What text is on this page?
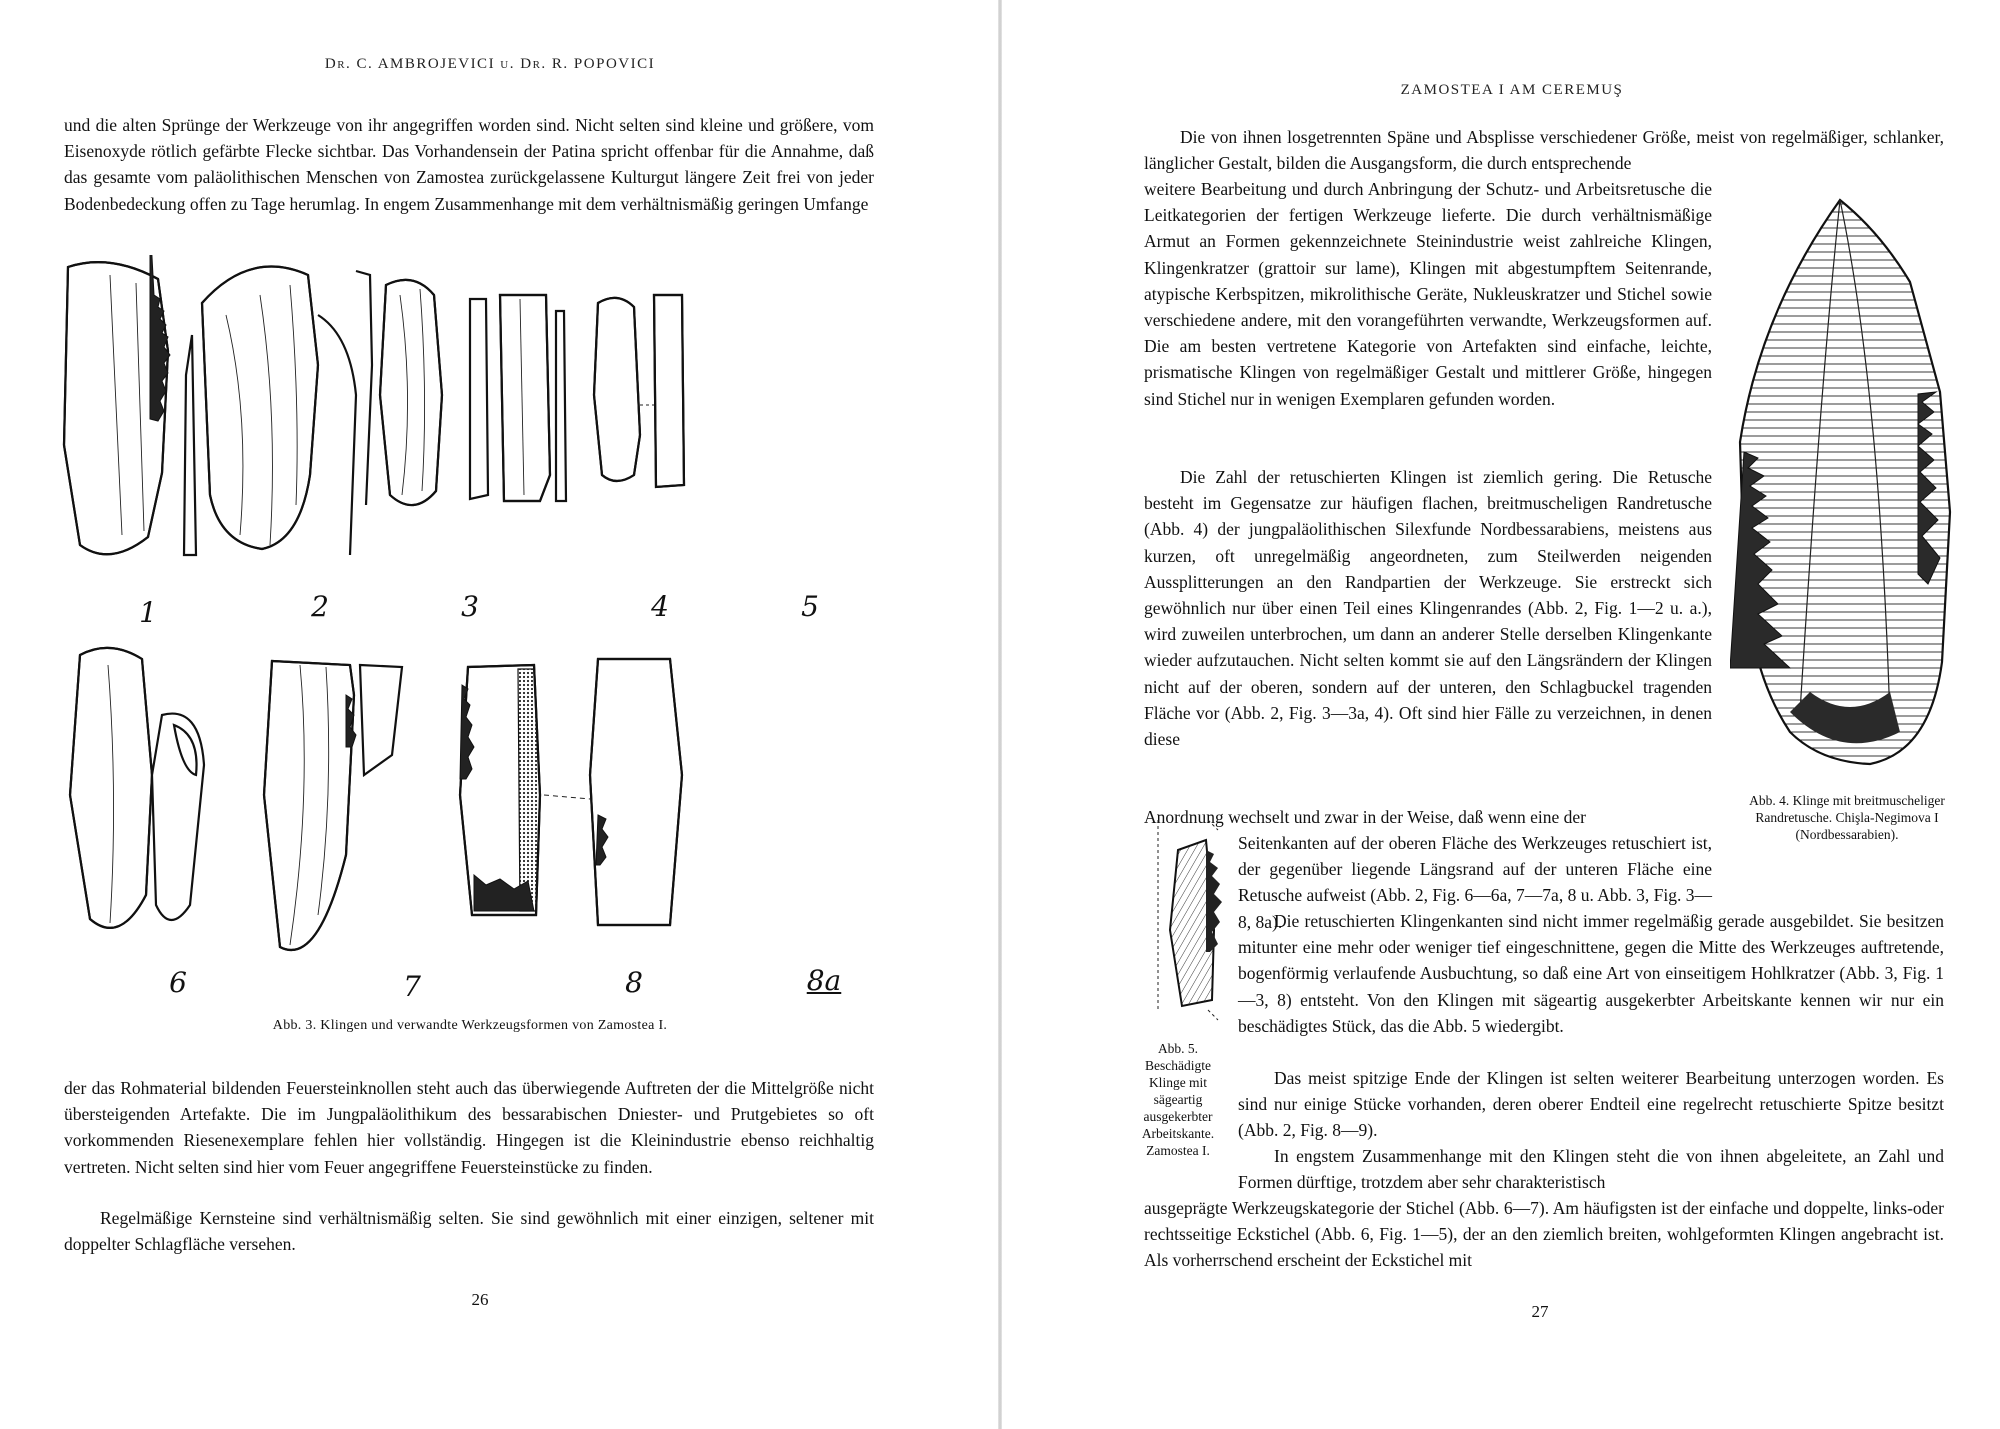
Dr. C. AMBROJEVICI u. Dr. R. POPOVICI

und die alten Sprünge der Werkzeuge von ihr angegriffen worden sind. Nicht selten sind kleine und größere, vom Eisenoxyde rötlich gefärbte Flecke sichtbar. Das Vorhandensein der Patina spricht offenbar für die Annahme, daß das gesamte vom paläolithischen Menschen von Zamostea zurückgelassene Kulturgut längere Zeit frei von jeder Bodenbedeckung offen zu Tage herumlag. In engem Zusammenhange mit dem verhältnismäßig geringen Umfange

1	2	3	4	5
6	7	8	8a
Abb. 3. Klingen und verwandte Werkzeugsformen von Zamostea I.

der das Rohmaterial bildenden Feuersteinknollen steht auch das überwiegende Auftreten der die Mittelgröße nicht übersteigenden Artefakte. Die im Jungpaläolithikum des bessarabischen Dniester- und Prutgebietes so oft vorkommenden Riesenexemplare fehlen hier vollständig. Hingegen ist die Kleinindustrie ebenso reichhaltig vertreten. Nicht selten sind hier vom Feuer angegriffene Feuersteinstücke zu finden.

Regelmäßige Kernsteine sind verhältnismäßig selten. Sie sind gewöhnlich mit einer einzigen, seltener mit doppelter Schlagfläche versehen.

26
ZAMOSTEA I AM CEREMUŞ

Die von ihnen losgetrennten Späne und Absplisse verschiedener Größe, meist von regelmäßiger, schlanker, länglicher Gestalt, bilden die Ausgangsform, die durch entsprechende

weitere Bearbeitung und durch Anbringung der Schutz- und Arbeitsretusche die Leitkategorien der fertigen Werkzeuge lieferte. Die durch verhältnismäßige Armut an Formen gekennzeichnete Steinindustrie weist zahlreiche Klingen, Klingenkratzer (grattoir sur lame), Klingen mit abgestumpftem Seitenrande, atypische Kerbspitzen, mikrolithische Geräte, Nukleuskratzer und Stichel sowie verschiedene andere, mit den vorangeführten verwandte, Werkzeugsformen auf. Die am besten vertretene Kategorie von Artefakten sind einfache, leichte, prismatische Klingen von regelmäßiger Gestalt und mittlerer Größe, hingegen sind Stichel nur in wenigen Exemplaren gefunden worden.

Die Zahl der retuschierten Klingen ist ziemlich gering. Die Retusche besteht im Gegensatze zur häufigen flachen, breitmuscheligen Randretusche (Abb. 4) der jungpaläolithischen Silexfunde Nordbessarabiens, meistens aus kurzen, oft unregelmäßig angeordneten, zum Steilwerden neigenden Aussplitterungen an den Randpartien der Werkzeuge. Sie erstreckt sich gewöhnlich nur über einen Teil eines Klingenrandes (Abb. 2, Fig. 1—2 u. a.), wird zuweilen unterbrochen, um dann an anderer Stelle derselben Klingenkante wieder aufzutauchen. Nicht selten kommt sie auf den Längsrändern der Klingen nicht auf der oberen, sondern auf der unteren, den Schlagbuckel tragenden Fläche vor (Abb. 2, Fig. 3—3a, 4). Oft sind hier Fälle zu verzeichnen, in denen diese

Anordnung wechselt und zwar in der Weise, daß wenn eine der

Seitenkanten auf der oberen Fläche des Werkzeuges retuschiert ist, der gegenüber liegende Längsrand auf der unteren Fläche eine Retusche aufweist (Abb. 2, Fig. 6—6a, 7—7a, 8 u. Abb. 3, Fig. 3—8, 8a).

Die retuschierten Klingenkanten sind nicht immer regelmäßig gerade ausgebildet. Sie besitzen mitunter eine mehr oder weniger tief eingeschnittene, gegen die Mitte des Werkzeuges auftretende, bogenförmig verlaufende Ausbuchtung, so daß eine Art von einseitigem Hohlkratzer (Abb. 3, Fig. 1—3, 8) entsteht. Von den Klingen mit sägeartig ausgekerbter Arbeitskante kennen wir nur ein beschädigtes Stück, das die Abb. 5 wiedergibt.

Das meist spitzige Ende der Klingen ist selten weiterer Bearbeitung unterzogen worden. Es sind nur einige Stücke vorhanden, deren oberer Endteil eine regelrecht retuschierte Spitze besitzt (Abb. 2, Fig. 8—9).

In engstem Zusammenhange mit den Klingen steht die von ihnen abgeleitete, an Zahl und Formen dürftige, trotzdem aber sehr charakteristisch

ausgeprägte Werkzeugskategorie der Stichel (Abb. 6—7). Am häufigsten ist der einfache und doppelte, links-oder rechtsseitige Eckstichel (Abb. 6, Fig. 1—5), der an den ziemlich breiten, wohlgeformten Klingen angebracht ist. Als vorherrschend erscheint der Eckstichel mit

Abb. 4. Klinge mit breitmuscheliger Randretusche. Chişla-Negimova I (Nordbessarabien).
Abb. 5. Beschädigte Klinge mit sägeartig ausgekerbter Arbeitskante. Zamostea I.
27
